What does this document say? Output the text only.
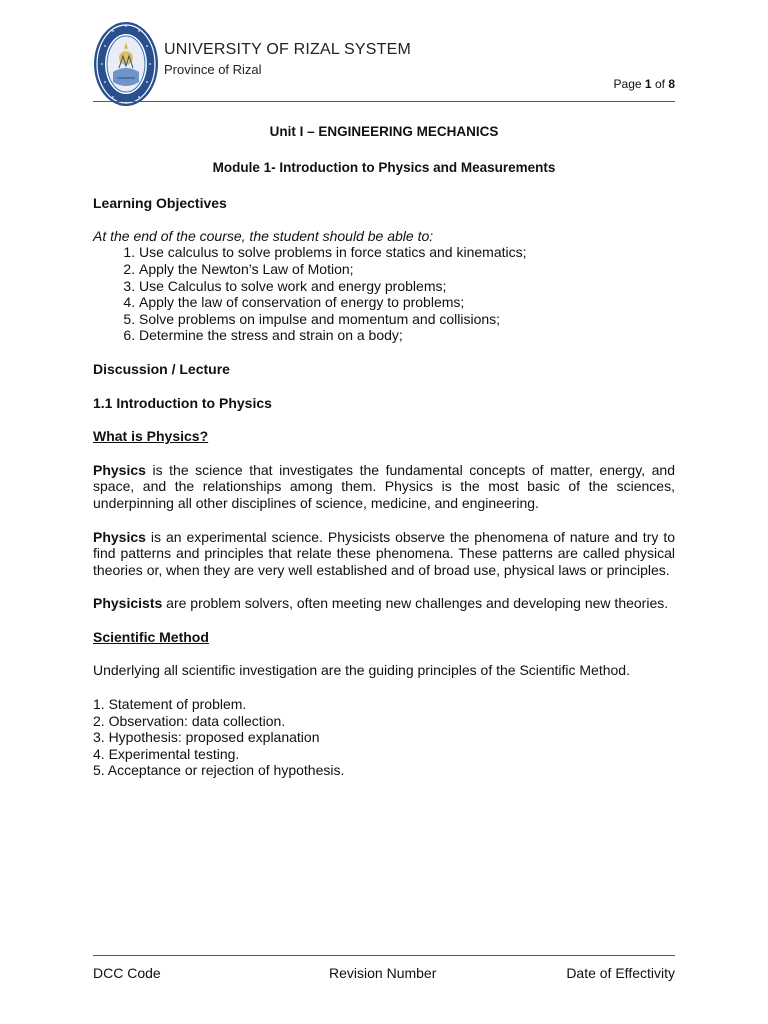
UNIVERSITY OF RIZAL SYSTEM
Province of Rizal
Page 1 of 8
Unit I – ENGINEERING MECHANICS
Module 1- Introduction to Physics and Measurements
Learning Objectives
At the end of the course, the student should be able to:
1. Use calculus to solve problems in force statics and kinematics;
2. Apply the Newton’s Law of Motion;
3. Use Calculus to solve work and energy problems;
4. Apply the law of conservation of energy to problems;
5. Solve problems on impulse and momentum and collisions;
6. Determine the stress and strain on a body;
Discussion / Lecture
1.1 Introduction to Physics
What is Physics?
Physics is the science that investigates the fundamental concepts of matter, energy, and space, and the relationships among them. Physics is the most basic of the sciences, underpinning all other disciplines of science, medicine, and engineering.
Physics is an experimental science. Physicists observe the phenomena of nature and try to find patterns and principles that relate these phenomena. These patterns are called physical theories or, when they are very well established and of broad use, physical laws or principles.
Physicists are problem solvers, often meeting new challenges and developing new theories.
Scientific Method
Underlying all scientific investigation are the guiding principles of the Scientific Method.
1. Statement of problem.
2. Observation: data collection.
3. Hypothesis: proposed explanation
4. Experimental testing.
5. Acceptance or rejection of hypothesis.
DCC Code	Revision Number	Date of Effectivity
